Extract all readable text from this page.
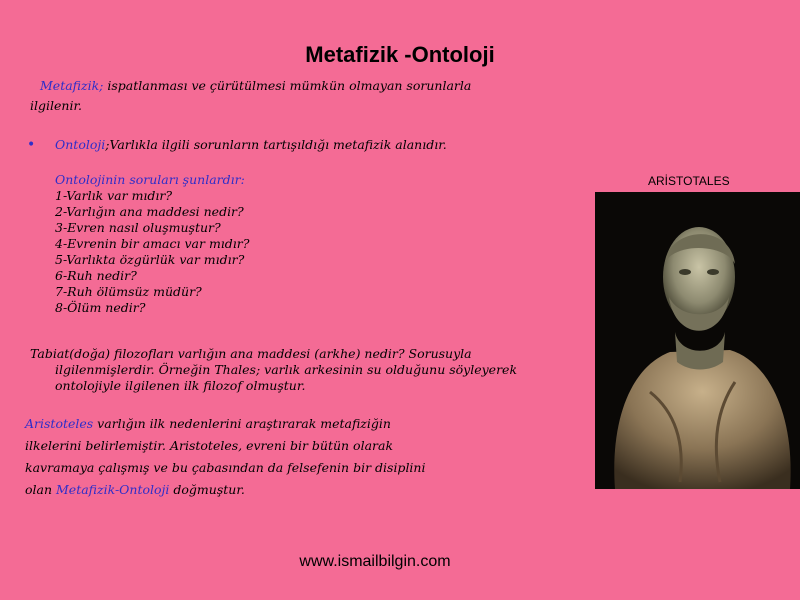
Metafizik -Ontoloji
Metafizik; ispatlanması ve çürütülmesi mümkün olmayan sorunlarla
ilgilenir.
• Ontoloji;Varlıkla ilgili sorunların tartışıldığı metafizik alanıdır.
Ontolojinin soruları şunlardır:
1-Varlık var mıdır?
2-Varlığın ana maddesi nedir?
3-Evren nasıl oluşmuştur?
4-Evrenin bir amacı var mıdır?
5-Varlıkta özgürlük var mıdır?
6-Ruh nedir?
7-Ruh ölümsüz müdür?
8-Ölüm nedir?
Tabiat(doğa) filozofları varlığın ana maddesi (arkhe) nedir? Sorusuyla
ilgilenmişlerdir. Örneğin Thales; varlık arkesinin su olduğunu söyleyerek
ontolojiyle ilgilenen ilk filozof olmuştur.
Aristoteles varlığın ilk nedenlerini araştırarak metafiziğin
ilkelerini belirlemiştir. Aristoteles, evreni bir bütün olarak
kavramaya çalışmış ve bu çabasından da felsefenin bir disiplini
olan Metafizik-Ontoloji doğmuştur.
ARİSTOTALES
www.ismailbilgin.com
